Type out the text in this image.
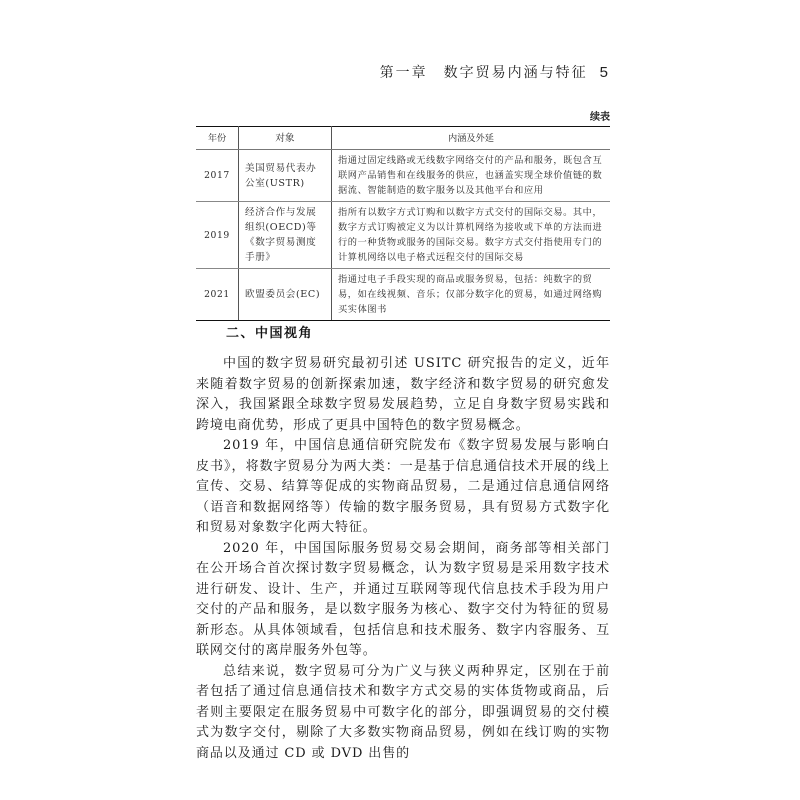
第一章　数字贸易内涵与特征 5
续表
年份	对象	内涵及外延
2017	美国贸易代表办公室(USTR)	指通过固定线路或无线数字网络交付的产品和服务，既包含互联网产品销售和在线服务的供应，也涵盖实现全球价值链的数据流、智能制造的数字服务以及其他平台和应用
2019	经济合作与发展组织(OECD)等《数字贸易测度手册》	指所有以数字方式订购和以数字方式交付的国际交易。其中，数字方式订购被定义为以计算机网络为接收或下单的方法而进行的一种货物或服务的国际交易。数字方式交付指使用专门的计算机网络以电子格式远程交付的国际交易
2021	欧盟委员会(EC)	指通过电子手段实现的商品或服务贸易，包括：纯数字的贸易，如在线视频、音乐；仅部分数字化的贸易，如通过网络购买实体图书
二、中国视角

中国的数字贸易研究最初引述 USITC 研究报告的定义，近年来随着数字贸易的创新探索加速，数字经济和数字贸易的研究愈发深入，我国紧跟全球数字贸易发展趋势，立足自身数字贸易实践和跨境电商优势，形成了更具中国特色的数字贸易概念。

2019 年，中国信息通信研究院发布《数字贸易发展与影响白皮书》，将数字贸易分为两大类：一是基于信息通信技术开展的线上宣传、交易、结算等促成的实物商品贸易，二是通过信息通信网络（语音和数据网络等）传输的数字服务贸易，具有贸易方式数字化和贸易对象数字化两大特征。

2020 年，中国国际服务贸易交易会期间，商务部等相关部门在公开场合首次探讨数字贸易概念，认为数字贸易是采用数字技术进行研发、设计、生产，并通过互联网等现代信息技术手段为用户交付的产品和服务，是以数字服务为核心、数字交付为特征的贸易新形态。从具体领域看，包括信息和技术服务、数字内容服务、互联网交付的离岸服务外包等。

总结来说，数字贸易可分为广义与狭义两种界定，区别在于前者包括了通过信息通信技术和数字方式交易的实体货物或商品，后者则主要限定在服务贸易中可数字化的部分，即强调贸易的交付模式为数字交付，剔除了大多数实物商品贸易，例如在线订购的实物商品以及通过 CD 或 DVD 出售的
